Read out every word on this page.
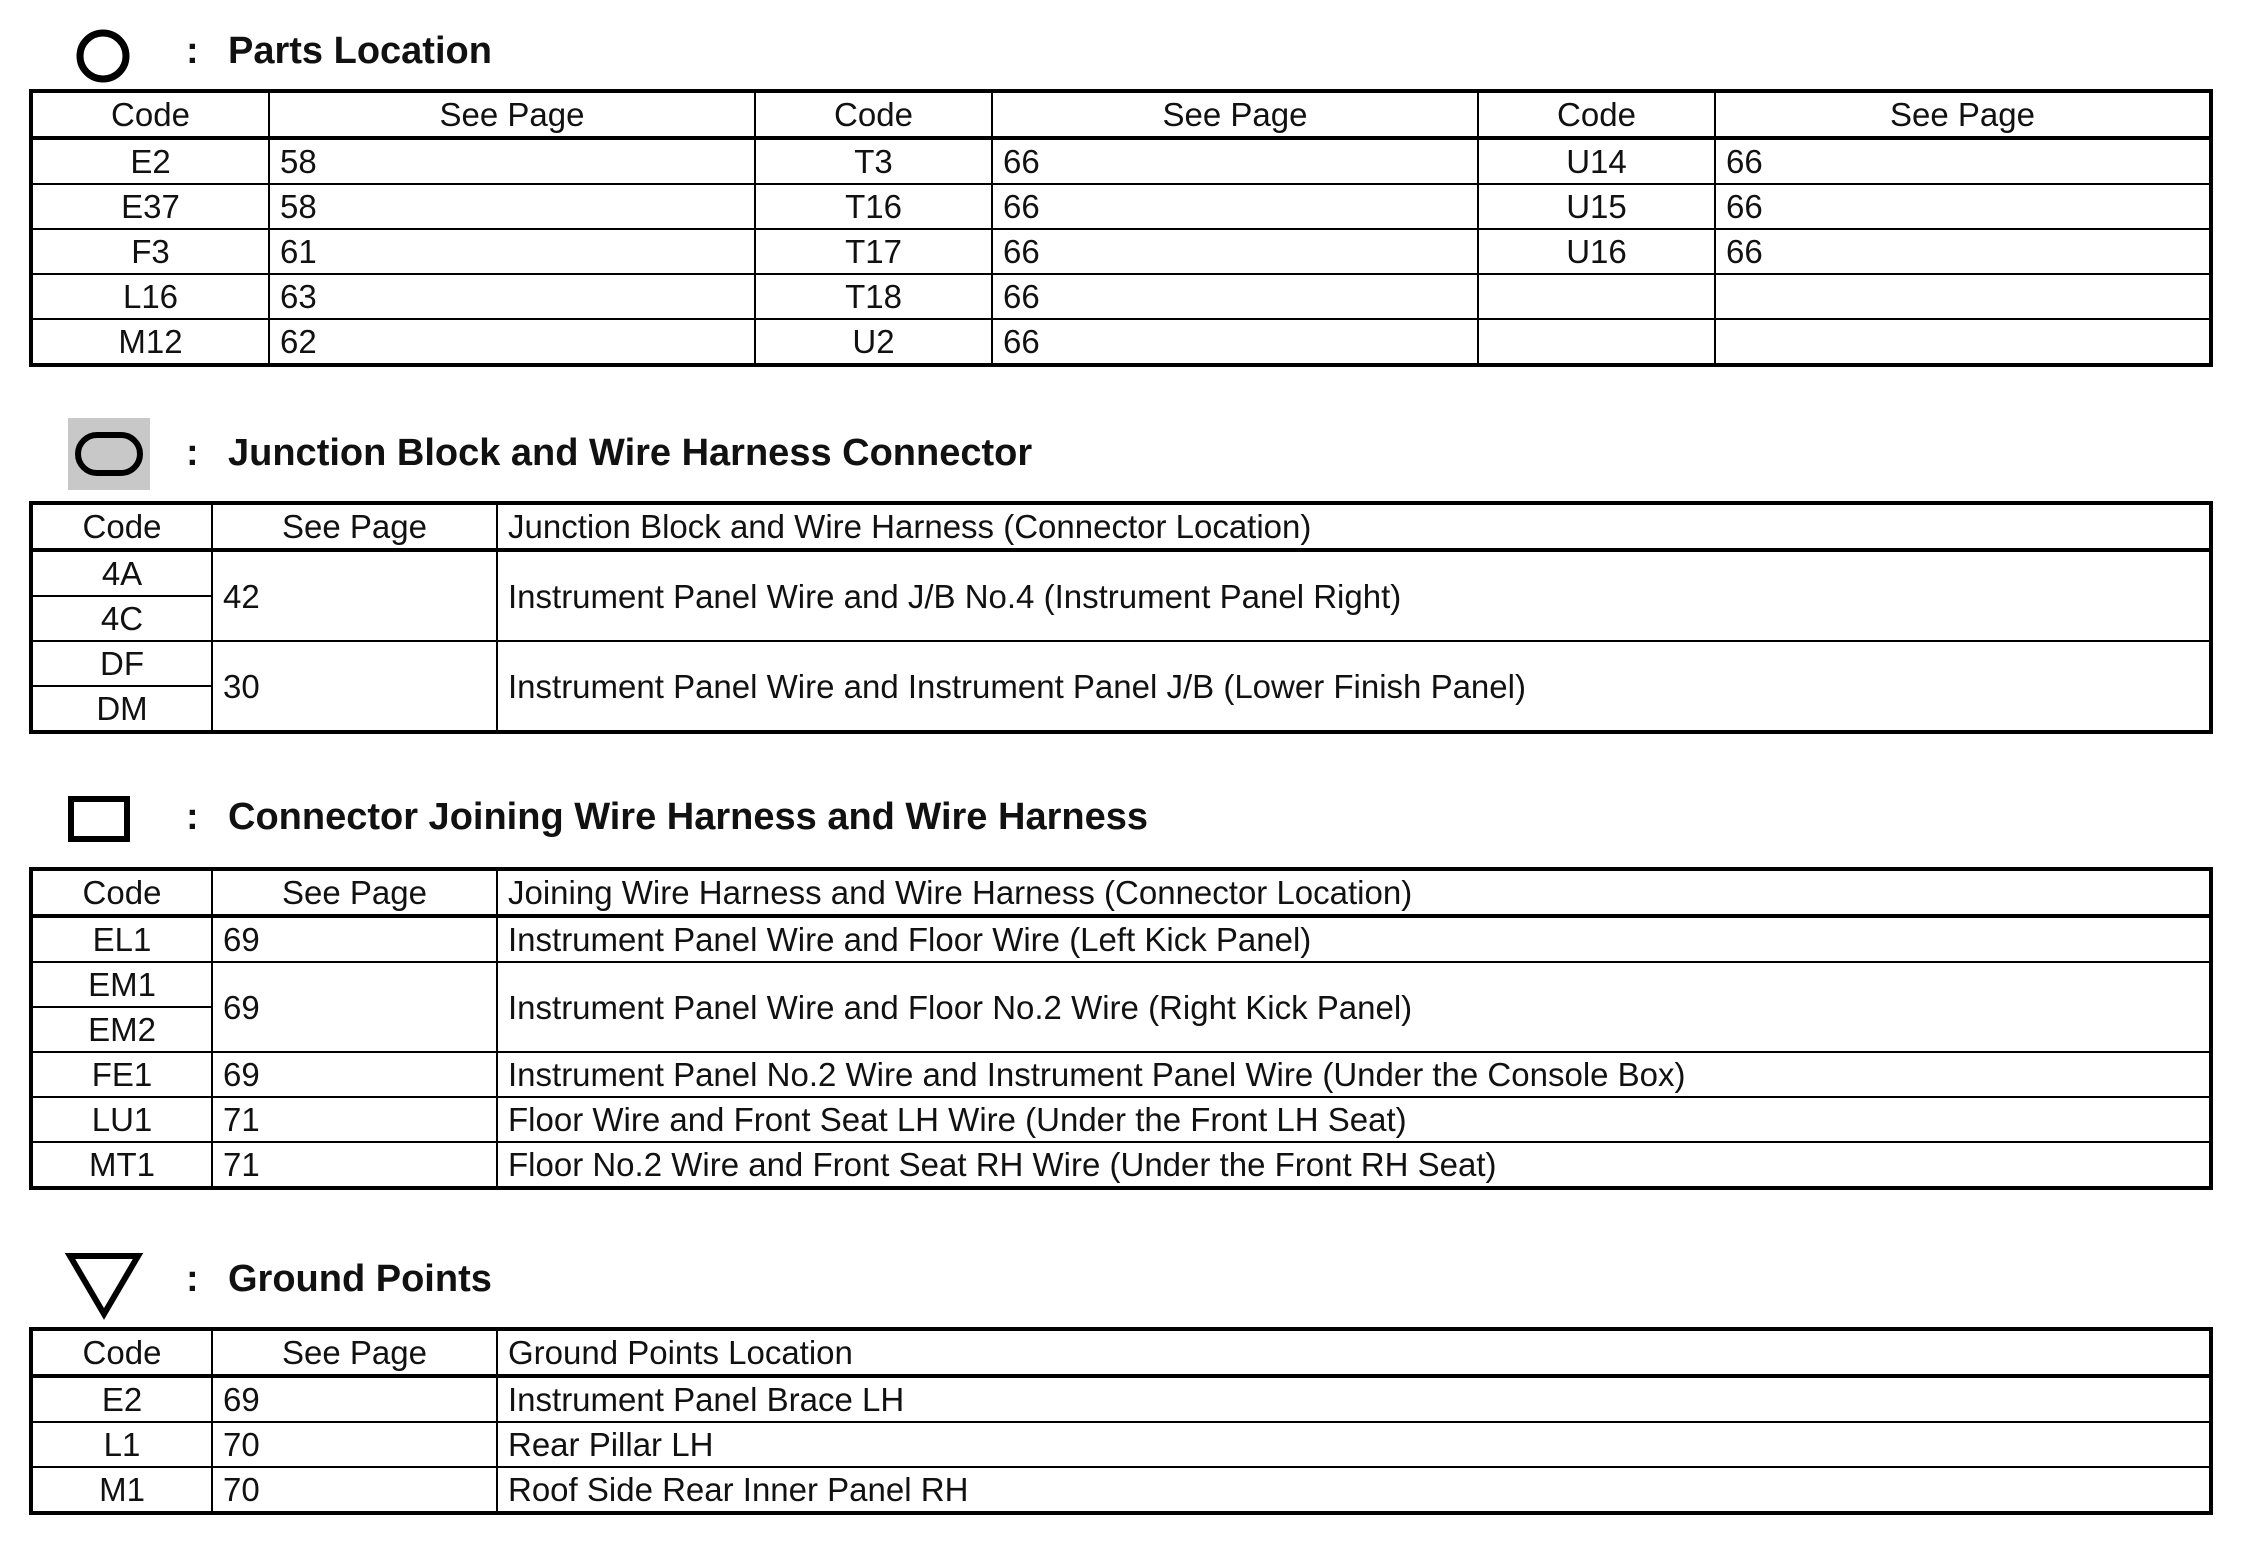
: Parts Location
Code	See Page	Code	See Page	Code	See Page
E2	58	T3	66	U14	66
E37	58	T16	66	U15	66
F3	61	T17	66	U16	66
L16	63	T18	66		
M12	62	U2	66		
: Junction Block and Wire Harness Connector
Code	See Page	Junction Block and Wire Harness (Connector Location)
4A	42	Instrument Panel Wire and J/B No.4 (Instrument Panel Right)
4C		
DF	30	Instrument Panel Wire and Instrument Panel J/B (Lower Finish Panel)
DM		
: Connector Joining Wire Harness and Wire Harness
Code	See Page	Joining Wire Harness and Wire Harness (Connector Location)
EL1	69	Instrument Panel Wire and Floor Wire (Left Kick Panel)
EM1	69	Instrument Panel Wire and Floor No.2 Wire (Right Kick Panel)
EM2		
FE1	69	Instrument Panel No.2 Wire and Instrument Panel Wire (Under the Console Box)
LU1	71	Floor Wire and Front Seat LH Wire (Under the Front LH Seat)
MT1	71	Floor No.2 Wire and Front Seat RH Wire (Under the Front RH Seat)
: Ground Points
Code	See Page	Ground Points Location
E2	69	Instrument Panel Brace LH
L1	70	Rear Pillar LH
M1	70	Roof Side Rear Inner Panel RH
